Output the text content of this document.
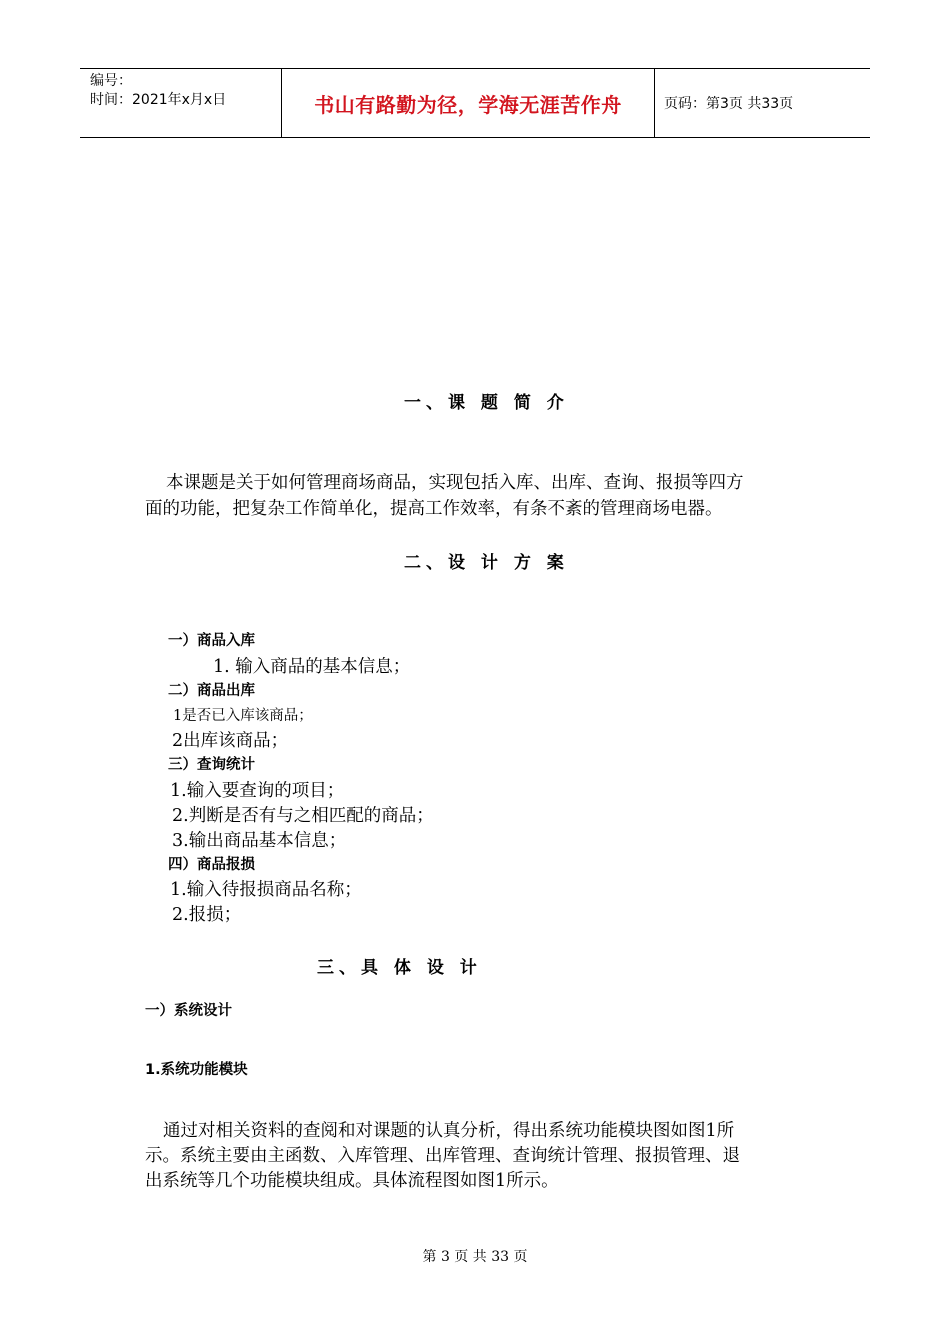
编号：
时间：2021年x月x日	书山有路勤为径，学海无涯苦作舟	页码：第3页 共33页
一、课 题 简 介
本课题是关于如何管理商场商品，实现包括入库、出库、查询、报损等四方
面的功能，把复杂工作简单化，提高工作效率，有条不紊的管理商场电器。
二、设 计 方 案
一）商品入库
1. 输入商品的基本信息；
二）商品出库
1是否已入库该商品；
2出库该商品；
三）查询统计
1.输入要查询的项目；
2.判断是否有与之相匹配的商品；
3.输出商品基本信息；
四）商品报损
1.输入待报损商品名称；
2.报损；
三、具 体 设 计
一）系统设计
1.系统功能模块
通过对相关资料的查阅和对课题的认真分析，得出系统功能模块图如图1所
示。系统主要由主函数、入库管理、出库管理、查询统计管理、报损管理、退
出系统等几个功能模块组成。具体流程图如图1所示。
第 3 页 共 33 页
